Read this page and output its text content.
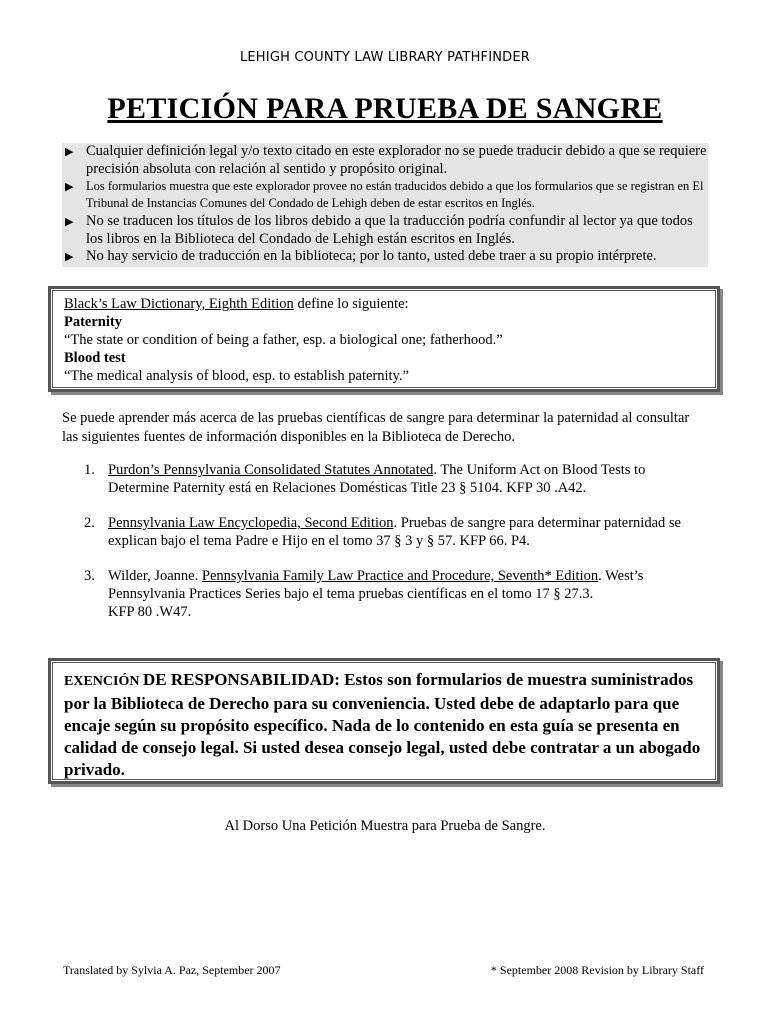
LEHIGH COUNTY LAW LIBRARY PATHFINDER
PETICIÓN PARA PRUEBA DE SANGRE
▶ Cualquier definición legal y/o texto citado en este explorador no se puede traducir debido a que se requiere precisión absoluta con relación al sentido y propósito original.
▶ Los formularios muestra que este explorador provee no están traducidos debido a que los formularios que se registran en El Tribunal de Instancias Comunes del Condado de Lehigh deben de estar escritos en Inglés.
▶ No se traducen los títulos de los libros debido a que la traducción podría confundir al lector ya que todos los libros en la Biblioteca del Condado de Lehigh están escritos en Inglés.
▶ No hay servicio de traducción en la biblioteca; por lo tanto, usted debe traer a su propio intérprete.
Black’s Law Dictionary, Eighth Edition define lo siguiente:
Paternity
“The state or condition of being a father, esp. a biological one; fatherhood.”
Blood test
“The medical analysis of blood, esp. to establish paternity.”
Se puede aprender más acerca de las pruebas científicas de sangre para determinar la paternidad al consultar las siguientes fuentes de información disponibles en la Biblioteca de Derecho.
1. Purdon’s Pennsylvania Consolidated Statutes Annotated. The Uniform Act on Blood Tests to Determine Paternity está en Relaciones Domésticas Title 23 § 5104. KFP 30 .A42.
2. Pennsylvania Law Encyclopedia, Second Edition. Pruebas de sangre para determinar paternidad se explican bajo el tema Padre e Hijo en el tomo 37 § 3 y § 57. KFP 66. P4.
3. Wilder, Joanne. Pennsylvania Family Law Practice and Procedure, Seventh* Edition. West’s Pennsylvania Practices Series bajo el tema pruebas científicas en el tomo 17 § 27.3.
KFP 80 .W47.
EXENCIÓN DE RESPONSABILIDAD: Estos son formularios de muestra suministrados por la Biblioteca de Derecho para su conveniencia. Usted debe de adaptarlo para que encaje según su propósito específico. Nada de lo contenido en esta guía se presenta en calidad de consejo legal. Si usted desea consejo legal, usted debe contratar a un abogado privado.
Al Dorso Una Petición Muestra para Prueba de Sangre.
Translated by Sylvia A. Paz, September 2007	* September 2008 Revision by Library Staff
